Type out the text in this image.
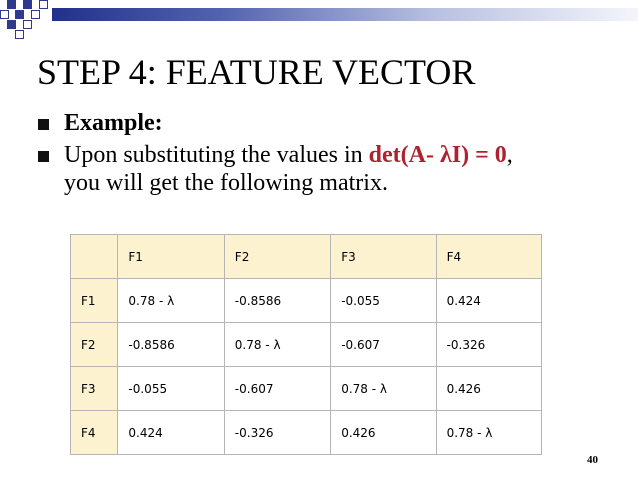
STEP 4: FEATURE VECTOR
Example:
Upon substituting the values in det(A- λI) = 0,
you will get the following matrix.
	F1	F2	F3	F4
F1	0.78 - λ	-0.8586	-0.055	0.424
F2	-0.8586	0.78 - λ	-0.607	-0.326
F3	-0.055	-0.607	0.78 - λ	0.426
F4	0.424	-0.326	0.426	0.78 - λ
40
